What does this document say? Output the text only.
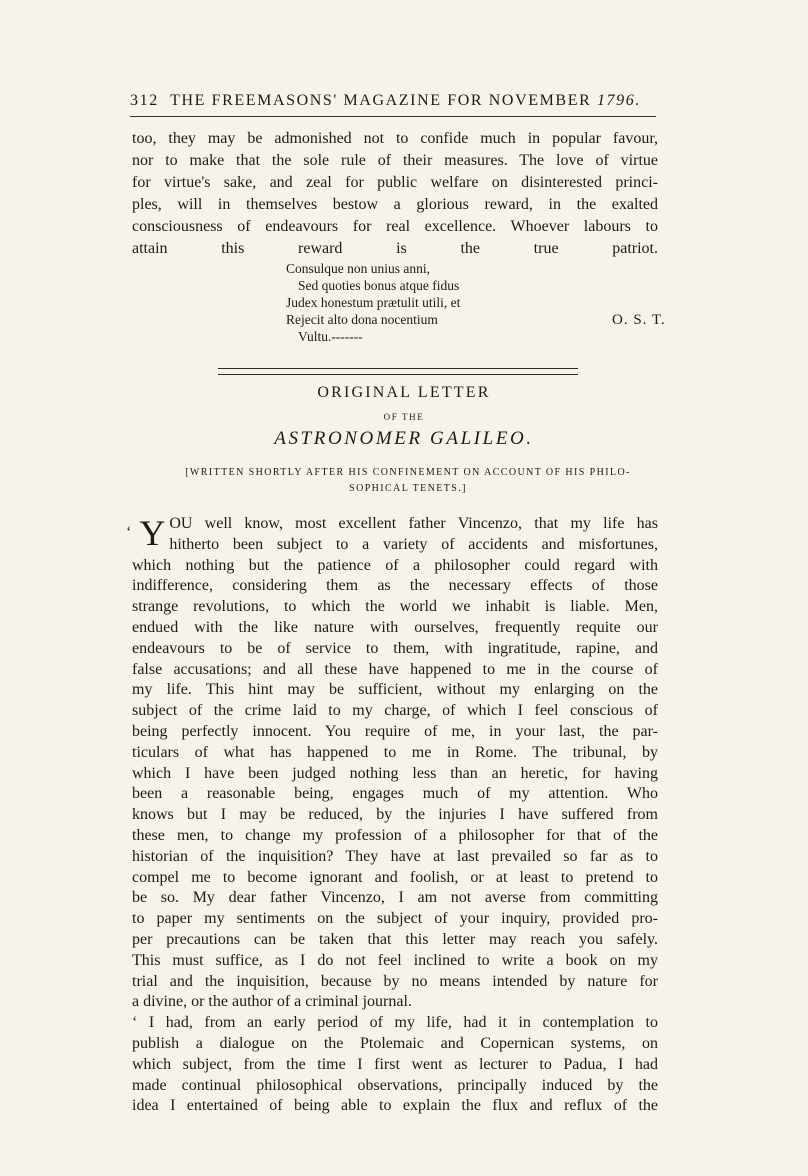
312 THE FREEMASONS' MAGAZINE FOR NOVEMBER 1796.
too, they may be admonished not to confide much in popular favour,
nor to make that the sole rule of their measures. The love of virtue
for virtue's sake, and zeal for public welfare on disinterested princi-
ples, will in themselves bestow a glorious reward, in the exalted
consciousness of endeavours for real excellence. Whoever labours to
attain this reward is the true patriot.
Consulque non unius anni,
Sed quoties bonus atque fidus
Judex honestum prætulit utili, et
Rejecit alto dona nocentium
Vultu.-------
O. S. T.
ORIGINAL LETTER
OF THE
ASTRONOMER GALILEO.
[WRITTEN SHORTLY AFTER HIS CONFINEMENT ON ACCOUNT OF HIS PHILO-
SOPHICAL TENETS.]
‘ Y OU well know, most excellent father Vincenzo, that my life has
hitherto been subject to a variety of accidents and misfortunes,
which nothing but the patience of a philosopher could regard with
indifference, considering them as the necessary effects of those
strange revolutions, to which the world we inhabit is liable. Men,
endued with the like nature with ourselves, frequently requite our
endeavours to be of service to them, with ingratitude, rapine, and
false accusations; and all these have happened to me in the course of
my life. This hint may be sufficient, without my enlarging on the
subject of the crime laid to my charge, of which I feel conscious of
being perfectly innocent. You require of me, in your last, the par-
ticulars of what has happened to me in Rome. The tribunal, by
which I have been judged nothing less than an heretic, for having
been a reasonable being, engages much of my attention. Who
knows but I may be reduced, by the injuries I have suffered from
these men, to change my profession of a philosopher for that of the
historian of the inquisition? They have at last prevailed so far as to
compel me to become ignorant and foolish, or at least to pretend to
be so. My dear father Vincenzo, I am not averse from committing
to paper my sentiments on the subject of your inquiry, provided pro-
per precautions can be taken that this letter may reach you safely.
This must suffice, as I do not feel inclined to write a book on my
trial and the inquisition, because by no means intended by nature for
a divine, or the author of a criminal journal.
‘ I had, from an early period of my life, had it in contemplation to
publish a dialogue on the Ptolemaic and Copernican systems, on
which subject, from the time I first went as lecturer to Padua, I had
made continual philosophical observations, principally induced by the
idea I entertained of being able to explain the flux and reflux of the
